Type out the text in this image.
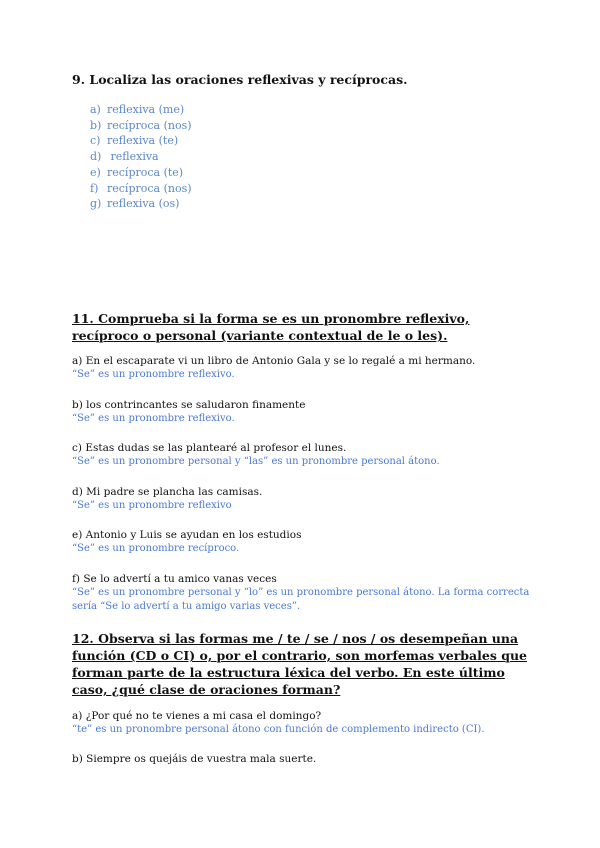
9. Localiza las oraciones reflexivas y recíprocas.
a) reflexiva (me)
b) recíproca (nos)
c) reflexiva (te)
d) reflexiva
e) recíproca (te)
f) recíproca (nos)
g) reflexiva (os)
11. Comprueba si la forma se es un pronombre reflexivo, recíproco o personal (variante contextual de le o les).
a) En el escaparate vi un libro de Antonio Gala y se lo regalé a mi hermano.
“Se” es un pronombre reflexivo.
b) los contrincantes se saludaron finamente
“Se” es un pronombre reflexivo.
c) Estas dudas se las plantearé al profesor el lunes.
“Se” es un pronombre personal y “las” es un pronombre personal átono.
d) Mi padre se plancha las camisas.
“Se” es un pronombre reflexivo
e) Antonio y Luis se ayudan en los estudios
“Se” es un pronombre recíproco.
f) Se lo advertí a tu amico vanas veces
“Se” es un pronombre personal y “lo” es un pronombre personal átono. La forma correcta sería “Se lo advertí a tu amigo varias veces”.
12. Observa si las formas me / te / se / nos / os desempeñan una función (CD o CI) o, por el contrario, son morfemas verbales que forman parte de la estructura léxica del verbo. En este último caso, ¿qué clase de oraciones forman?
a) ¿Por qué no te vienes a mi casa el domingo?
“te” es un pronombre personal átono con función de complemento indirecto (CI).
b) Siempre os quejáis de vuestra mala suerte.
